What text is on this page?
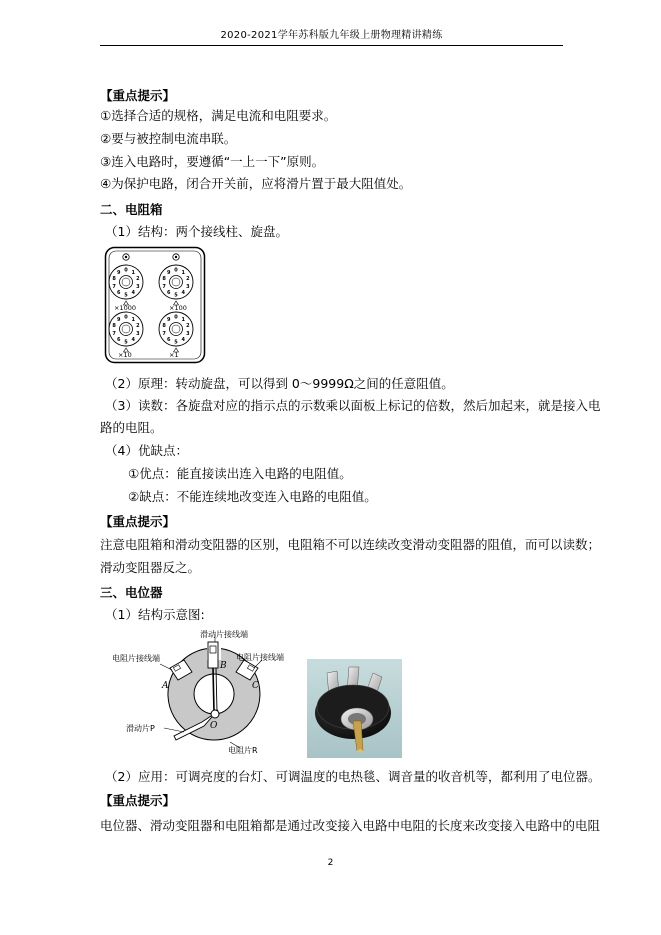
2020-2021学年苏科版九年级上册物理精讲精练
【重点提示】
①选择合适的规格，满足电流和电阻要求。
②要与被控制电流串联。
③连入电路时，要遵循“一上一下”原则。
④为保护电路，闭合开关前，应将滑片置于最大阻值处。
二、电阻箱
（1）结构：两个接线柱、旋盘。
0 1
2
3
4
5
6
7
8
9	0 1
2
3
4
5
6
7
8
9
0 1
2
3
4
5
6
7
8
9	0 1
2
3
4
5
6
7
8
9
×1000	×100
×10	×1
（2）原理：转动旋盘，可以得到 0～9999Ω之间的任意阻值。
（3）读数：各旋盘对应的指示点的示数乘以面板上标记的倍数，然后加起来，就是接入电
路的电阻。
（4）优缺点：
①优点：能直接读出连入电路的电阻值。
②缺点：不能连续地改变连入电路的电阻值。
【重点提示】
注意电阻箱和滑动变阻器的区别，电阻箱不可以连续改变滑动变阻器的阻值，而可以读数；
滑动变阻器反之。
三、电位器
（1）结构示意图:
滑动片接线端
电阻片接线端	电阻片接线端
A
B
C
O
滑动片P
电阻片R
（2）应用：可调亮度的台灯、可调温度的电热毯、调音量的收音机等，都利用了电位器。
【重点提示】
电位器、滑动变阻器和电阻箱都是通过改变接入电路中电阻的长度来改变接入电路中的电阻
2
